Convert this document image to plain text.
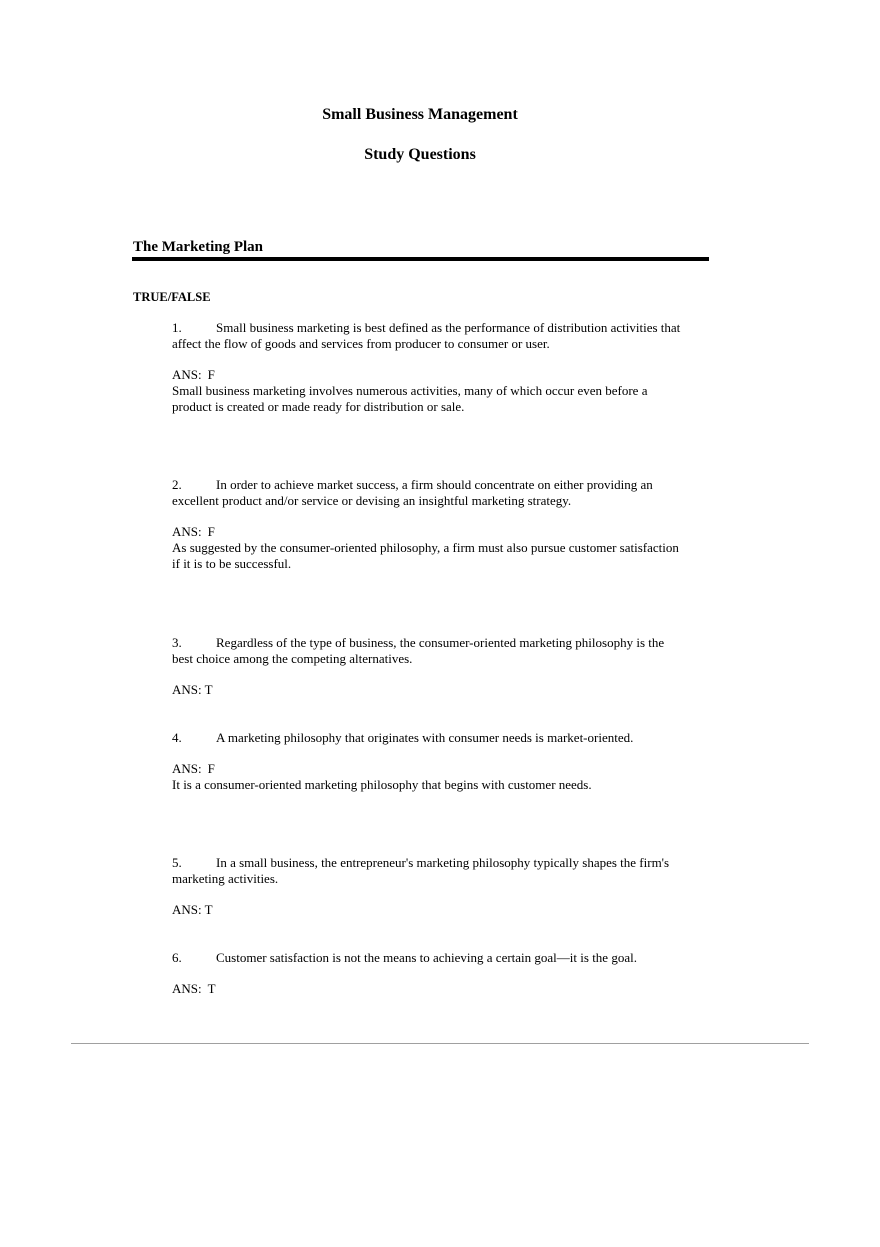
Small Business Management
Study Questions
The Marketing Plan
TRUE/FALSE
1.	Small business marketing is best defined as the performance of distribution activities that
affect the flow of goods and services from producer to consumer or user.
ANS: F
Small business marketing involves numerous activities, many of which occur even before a
product is created or made ready for distribution or sale.
2.	In order to achieve market success, a firm should concentrate on either providing an
excellent product and/or service or devising an insightful marketing strategy.
ANS: F
As suggested by the consumer-oriented philosophy, a firm must also pursue customer satisfaction
if it is to be successful.
3.	Regardless of the type of business, the consumer-oriented marketing philosophy is the
best choice among the competing alternatives.
ANS: T
4.	A marketing philosophy that originates with consumer needs is market-oriented.
ANS: F
It is a consumer-oriented marketing philosophy that begins with customer needs.
5.	In a small business, the entrepreneur's marketing philosophy typically shapes the firm's
marketing activities.
ANS: T
6.	Customer satisfaction is not the means to achieving a certain goal—it is the goal.
ANS: T
